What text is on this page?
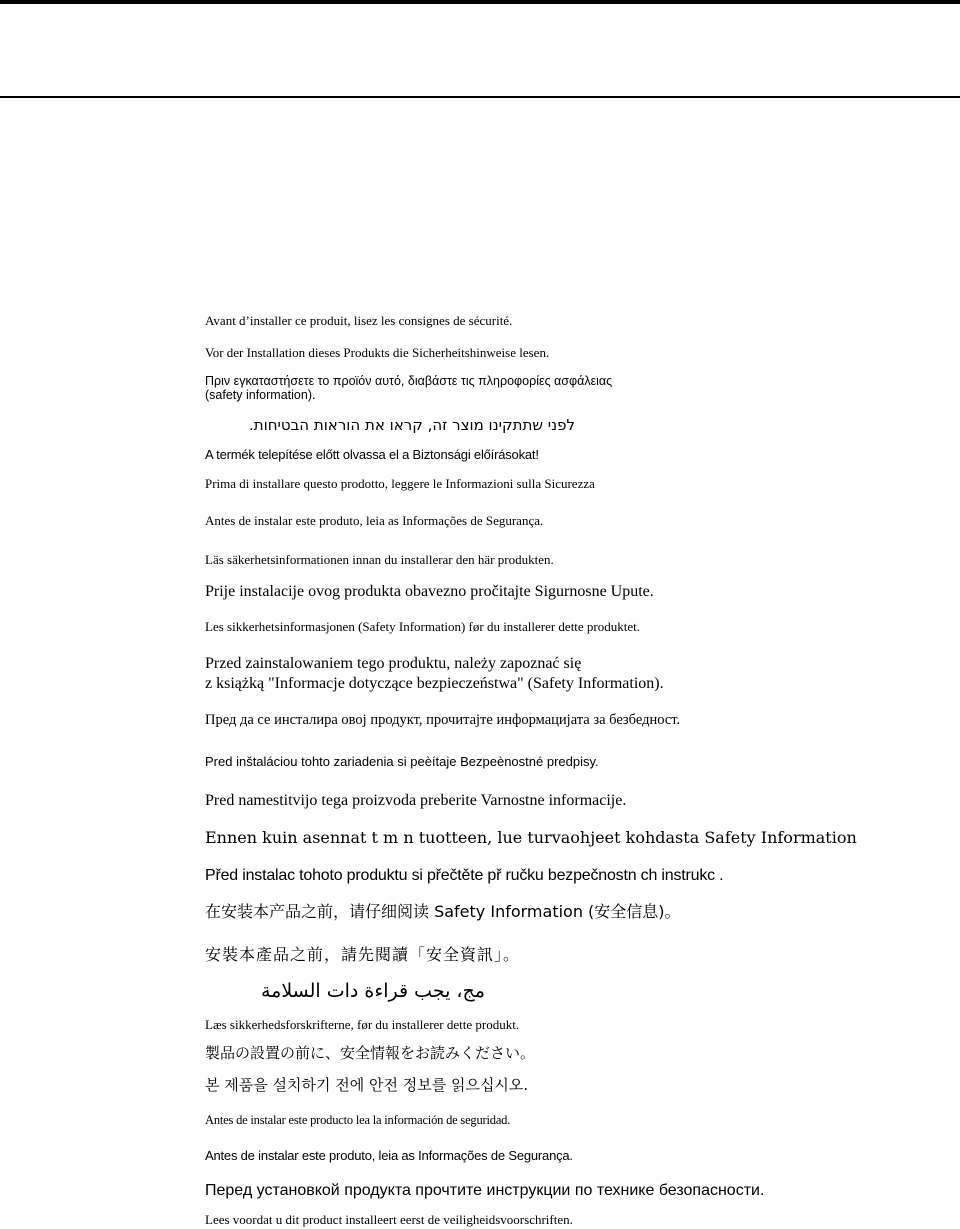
Avant d’installer ce produit, lisez les consignes de sécurité.

Vor der Installation dieses Produkts die Sicherheitshinweise lesen.

Πριν εγκαταστήσετε το προϊόν αυτό, διαβάστε τις πληροφορίες ασφάλειας
(safety information).

לפני שתתקינו מוצר זה, קראו את הוראות הבטיחות.

A termék telepítése előtt olvassa el a Biztonsági előírásokat!

Prima di installare questo prodotto, leggere le Informazioni sulla Sicurezza

Antes de instalar este produto, leia as Informações de Segurança.

Läs säkerhetsinformationen innan du installerar den här produkten.

Prije instalacije ovog produkta obavezno pročitajte Sigurnosne Upute.

Les sikkerhetsinformasjonen (Safety Information) før du installerer dette produktet.

Przed zainstalowaniem tego produktu, należy zapoznać się
z książką "Informacje dotyczące bezpieczeństwa" (Safety Information).

Пред да се инсталира овој продукт, прочитајте информацијата за безбедност.

Pred inštaláciou tohto zariadenia si peèítaje Bezpeènostné predpisy.

Pred namestitvijo tega proizvoda preberite Varnostne informacije.

Ennen kuin asennat t m n tuotteen, lue turvaohjeet kohdasta Safety Information

Před instalac tohoto produktu si přečtěte př ručku bezpečnostn ch instrukc .

在安装本产品之前，请仔细阅读 Safety Information (安全信息)。

安裝本產品之前，請先閱讀「安全資訊」。

مج، يجب قراءة دات السلامة

Læs sikkerhedsforskrifterne, før du installerer dette produkt.

製品の設置の前に、安全情報をお読みください。

본 제품을 설치하기 전에 안전 정보를 읽으십시오.

Antes de instalar este producto lea la información de seguridad.

Antes de instalar este produto, leia as Informações de Segurança.

Перед установкой продукта прочтите инструкции по технике безопасности.

Lees voordat u dit product installeert eerst de veiligheidsvoorschriften.
